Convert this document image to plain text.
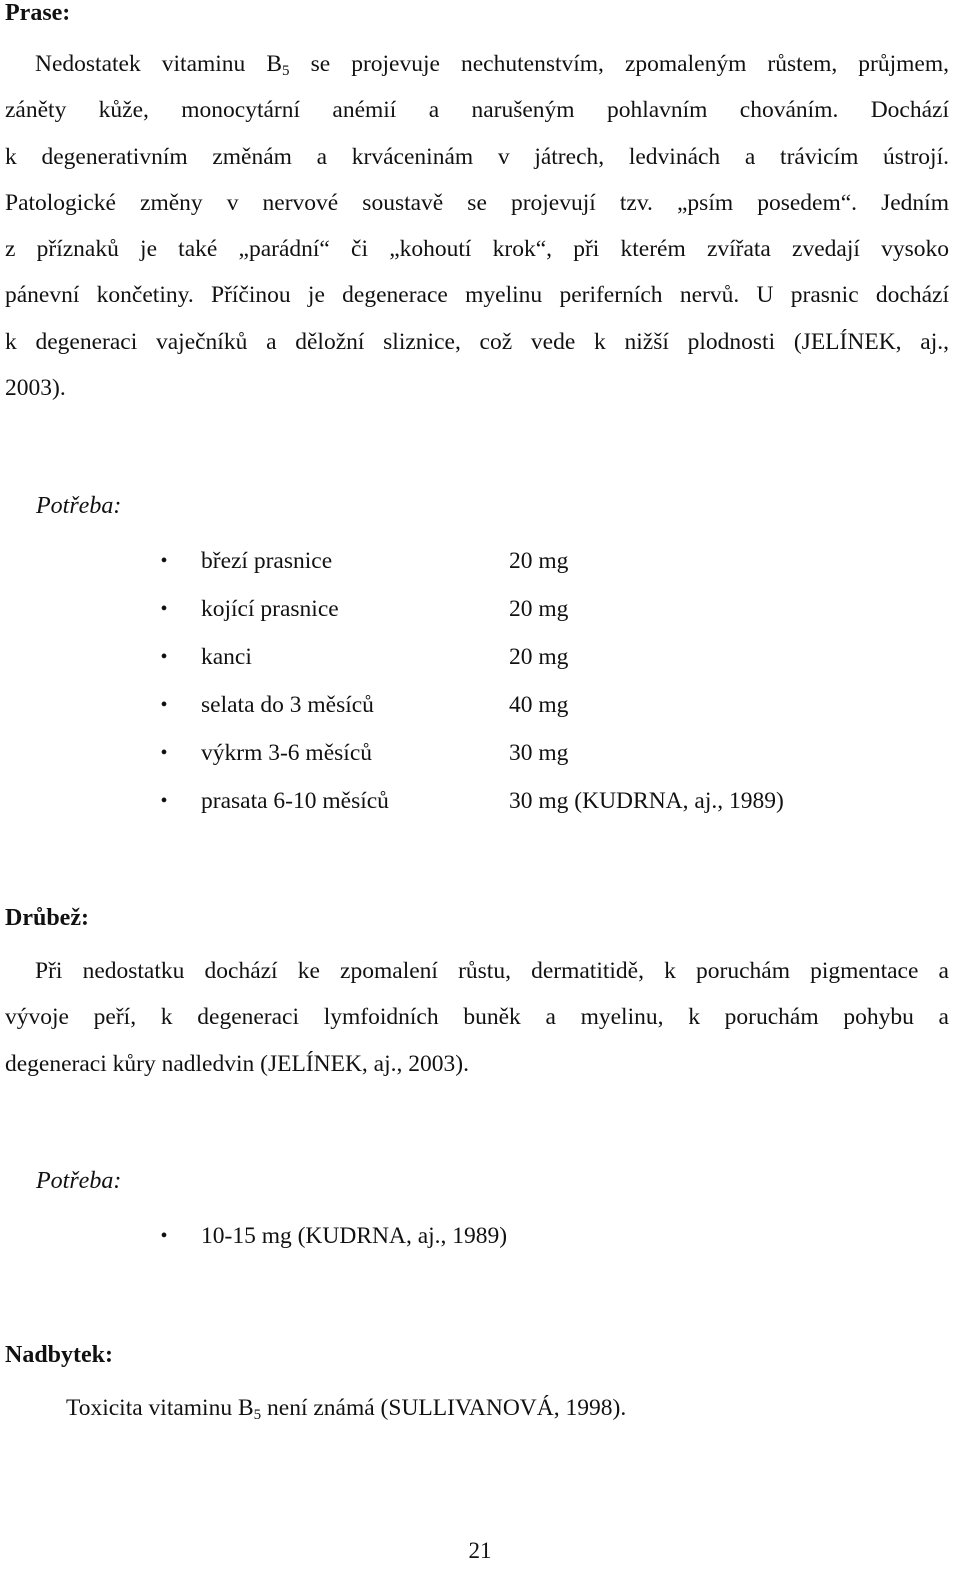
Prase:
Nedostatek vitaminu $B_5$ se projevuje nechutenstvím, zpomaleným růstem, průjmem,
záněty kůže, monocytární anémií a narušeným pohlavním chováním. Dochází
k degenerativním změnám a krváceninám v játrech, ledvinách a trávicím ústrojí.
Patologické změny v nervové soustavě se projevují tzv. „psím posedem“. Jedním
z příznaků je také „parádní“ či „kohoutí krok“, při kterém zvířata zvedají vysoko
pánevní končetiny. Příčinou je degenerace myelinu periferních nervů. U prasnic dochází
k degeneraci vaječníků a děložní sliznice, což vede k nižší plodnosti (JELÍNEK, aj.,
2003).
Potřeba:
• březí prasnice	20 mg
• kojící prasnice	20 mg
• kanci	20 mg
• selata do 3 měsíců	40 mg
• výkrm 3-6 měsíců	30 mg
• prasata 6-10 měsíců	30 mg (KUDRNA, aj., 1989)
Drůbež:
Při nedostatku dochází ke zpomalení růstu, dermatitidě, k poruchám pigmentace a
vývoje peří, k degeneraci lymfoidních buněk a myelinu, k poruchám pohybu a
degeneraci kůry nadledvin (JELÍNEK, aj., 2003).
Potřeba:
• 10-15 mg (KUDRNA, aj., 1989)
Nadbytek:
Toxicita vitaminu $B_5$ není známá (SULLIVANOVÁ, 1998).
21
